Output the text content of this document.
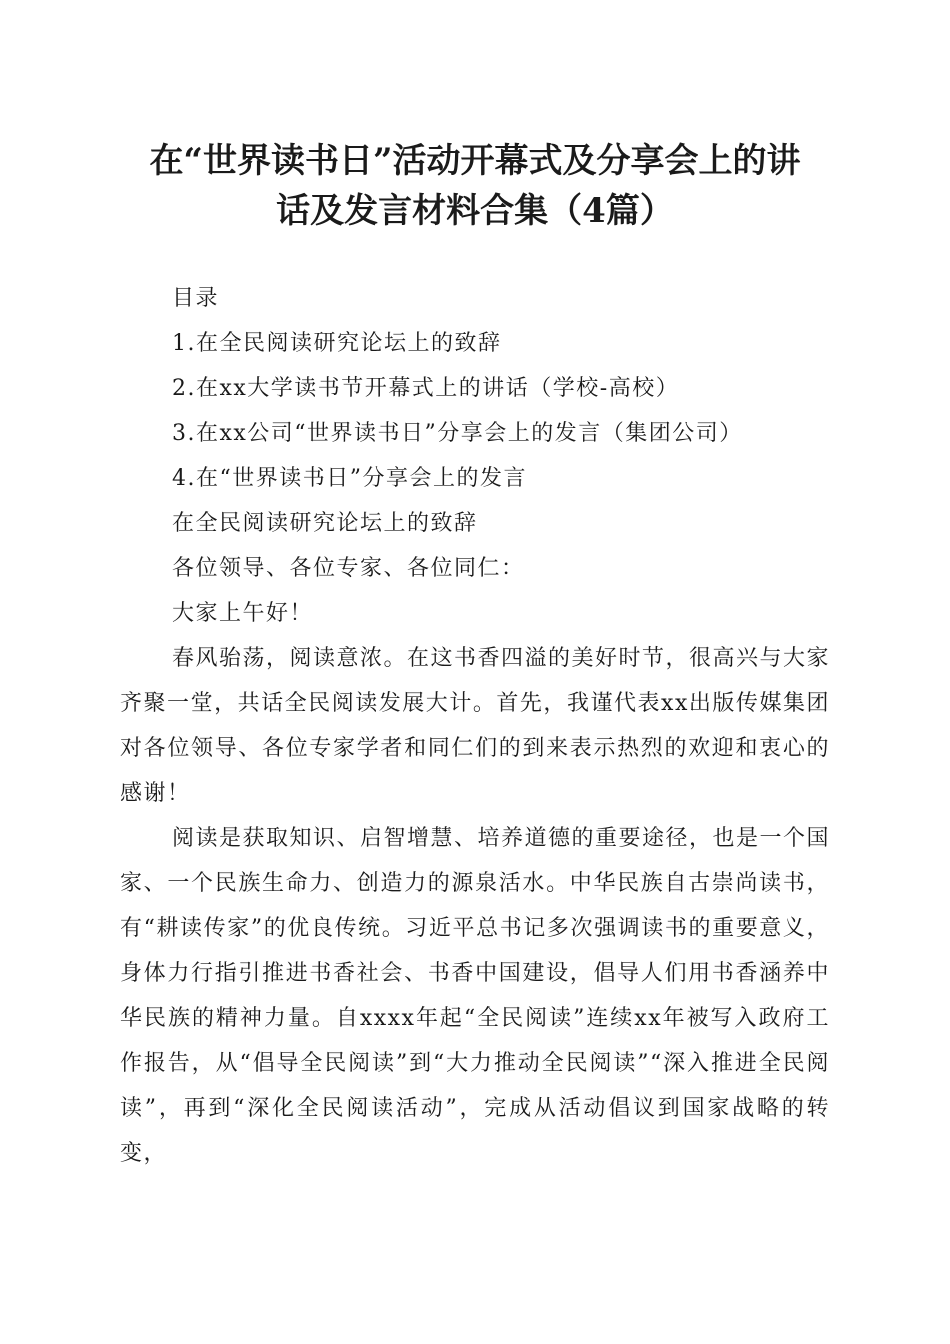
在“世界读书日”活动开幕式及分享会上的讲
话及发言材料合集（4篇）

目录

1.在全民阅读研究论坛上的致辞

2.在xx大学读书节开幕式上的讲话（学校-高校）

3.在xx公司“世界读书日”分享会上的发言（集团公司）

4.在“世界读书日”分享会上的发言

在全民阅读研究论坛上的致辞

各位领导、各位专家、各位同仁：

大家上午好！

春风骀荡，阅读意浓。在这书香四溢的美好时节，很高兴与大家齐聚一堂，共话全民阅读发展大计。首先，我谨代表xx出版传媒集团对各位领导、各位专家学者和同仁们的到来表示热烈的欢迎和衷心的感谢！

阅读是获取知识、启智增慧、培养道德的重要途径，也是一个国家、一个民族生命力、创造力的源泉活水。中华民族自古崇尚读书，有“耕读传家”的优良传统。习近平总书记多次强调读书的重要意义，身体力行指引推进书香社会、书香中国建设，倡导人们用书香涵养中华民族的精神力量。自xxxx年起“全民阅读”连续xx年被写入政府工作报告，从“倡导全民阅读”到“大力推动全民阅读”“深入推进全民阅读”，再到“深化全民阅读活动”，完成从活动倡议到国家战略的转变，
